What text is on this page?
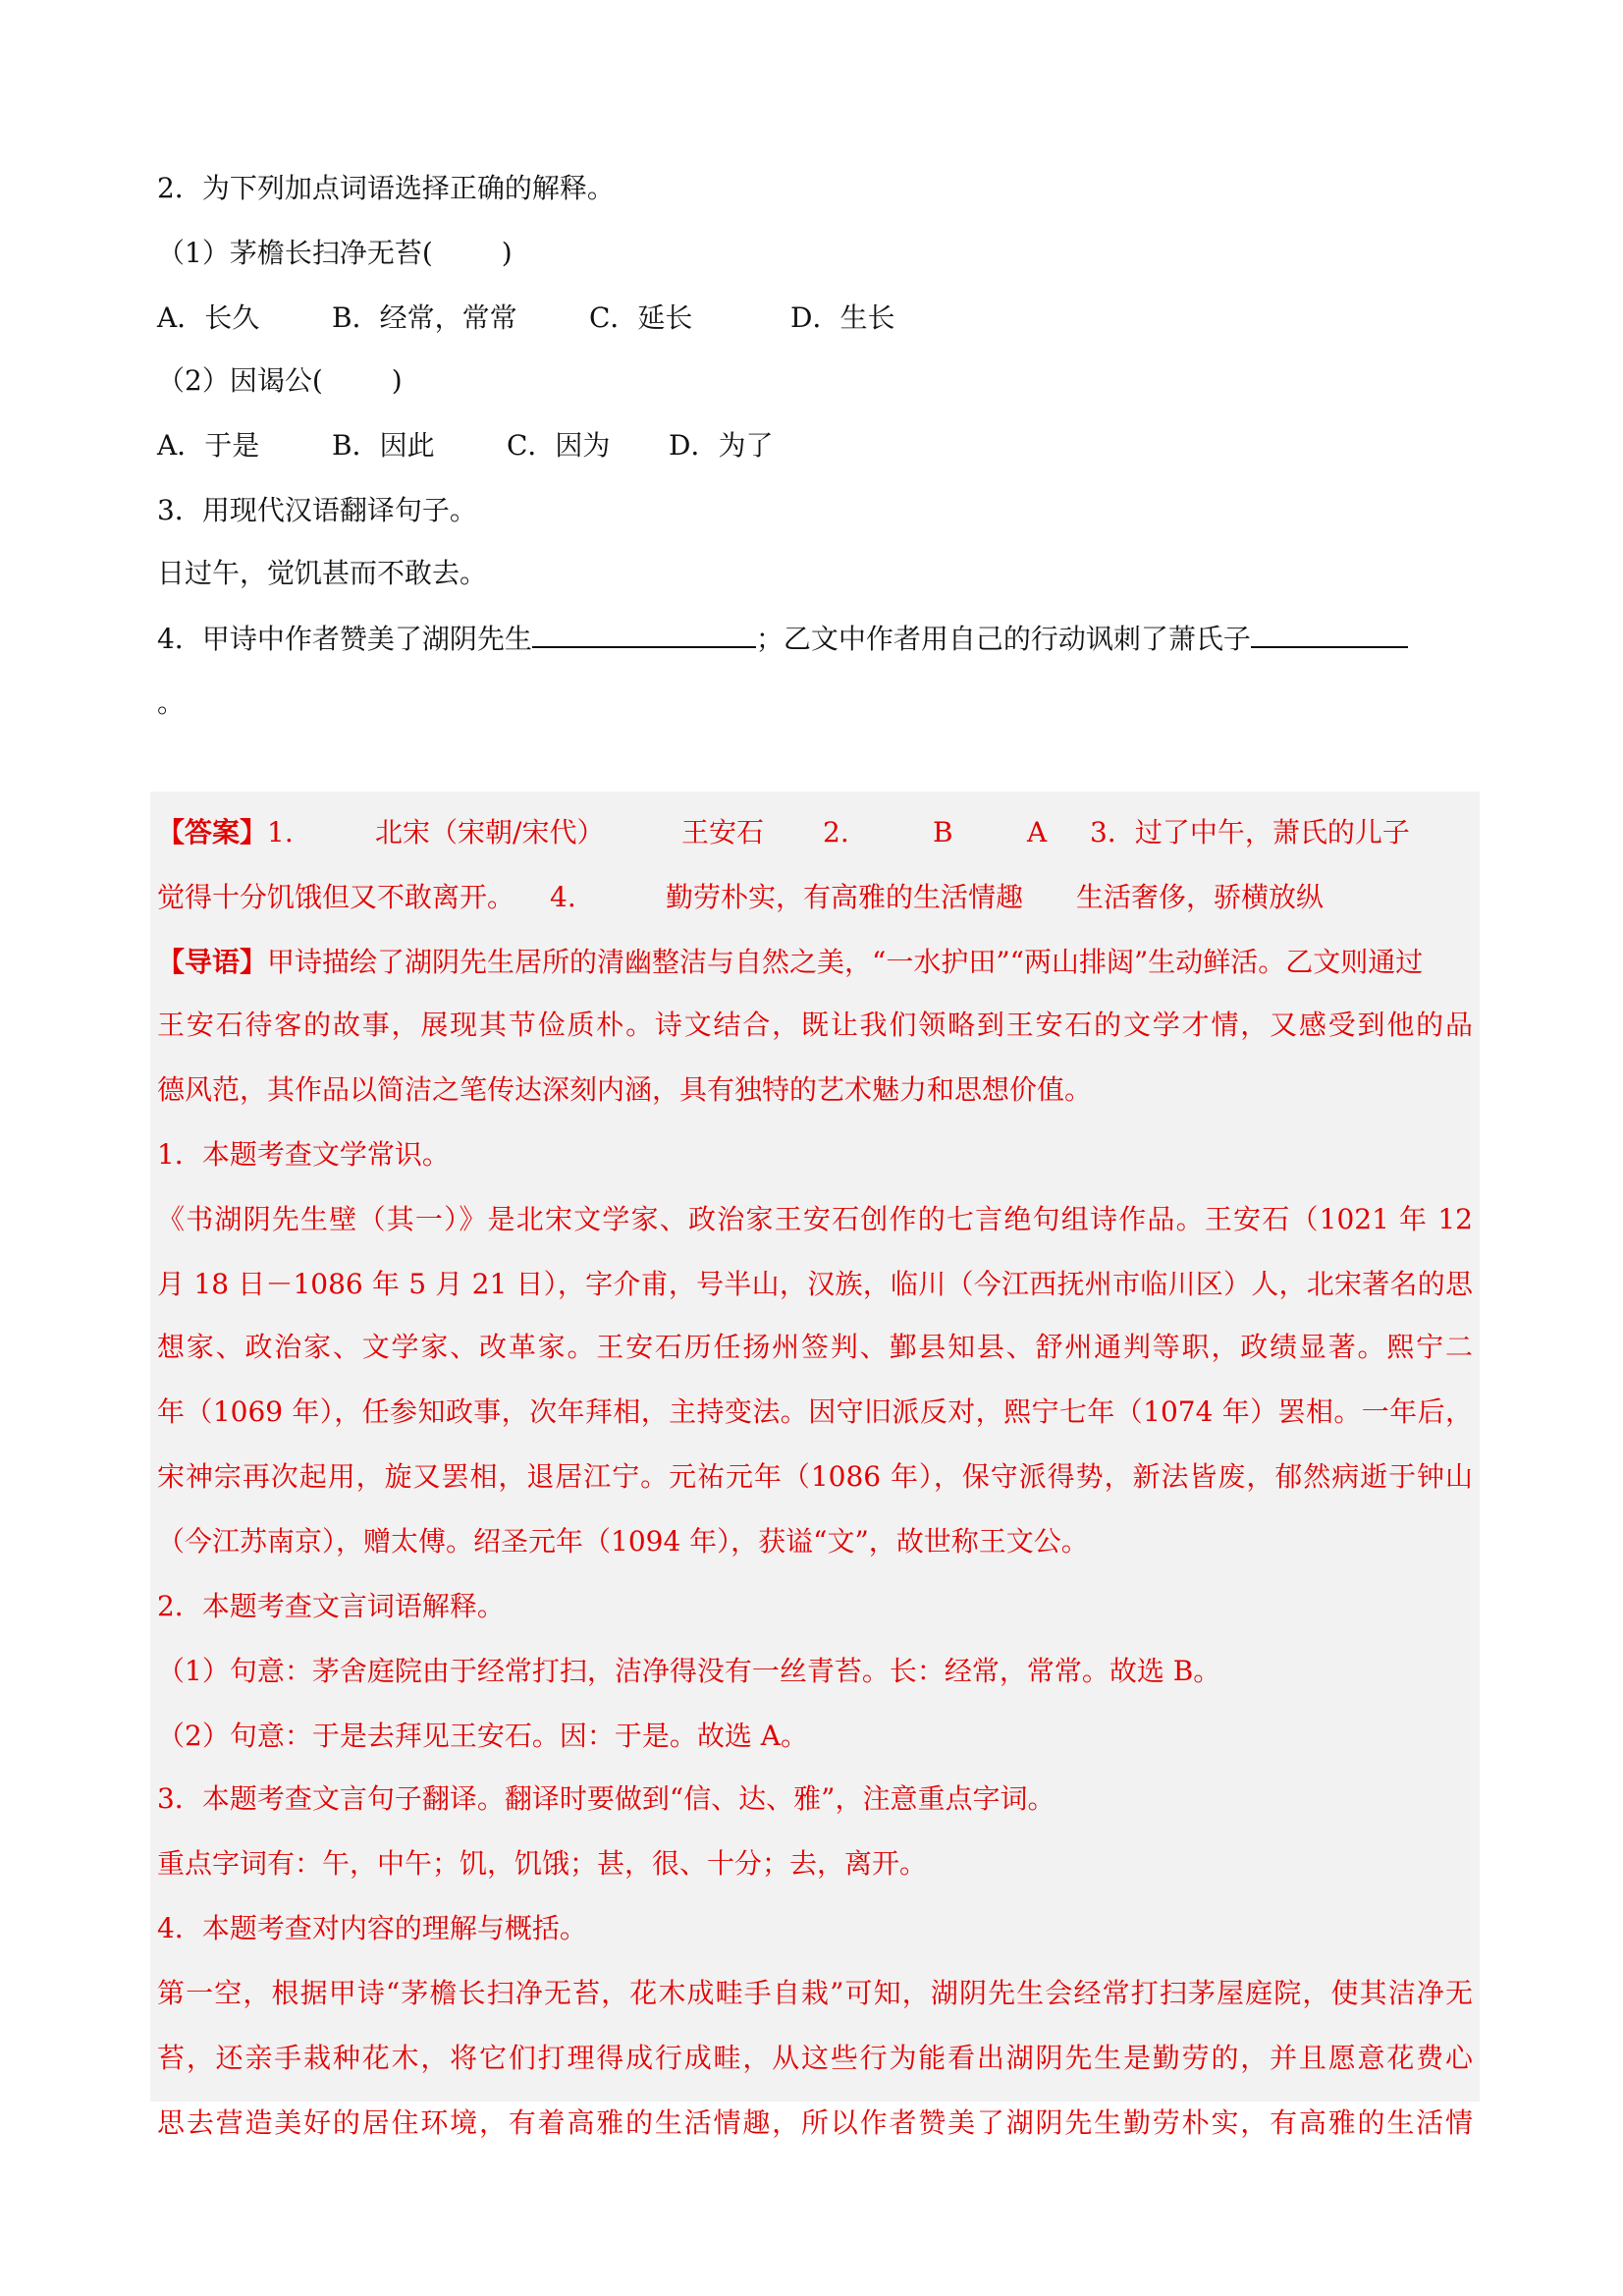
2．为下列加点词语选择正确的解释。
（1）茅檐长扫净无苔(	)
A．长久	B．经常，常常	C．延长	D．生长
（2）因谒公(	)
A．于是	B．因此	C．因为 D．为了
3．用现代汉语翻译句子。
日过午，觉饥甚而不敢去。
4．甲诗中作者赞美了湖阴先生	；乙文中作者用自己的行动讽刺了萧氏子
。
【答案】1.	北宋（宋朝/宋代）	王安石 2.	B	A 3．过了中午，萧氏的儿子
觉得十分饥饿但又不敢离开。 4.	勤劳朴实，有高雅的生活情趣 生活奢侈，骄横放纵
【导语】甲诗描绘了湖阴先生居所的清幽整洁与自然之美，“一水护田”“两山排闼”生动鲜活。乙文则通过
王安石待客的故事，展现其节俭质朴。诗文结合，既让我们领略到王安石的文学才情，又感受到他的品
德风范，其作品以简洁之笔传达深刻内涵，具有独特的艺术魅力和思想价值。
1．本题考查文学常识。
《书湖阴先生壁（其一）》是北宋文学家、政治家王安石创作的七言绝句组诗作品。王安石（1021 年 12
月 18 日－1086 年 5 月 21 日），字介甫，号半山，汉族，临川（今江西抚州市临川区）人，北宋著名的思
想家、政治家、文学家、改革家。王安石历任扬州签判、鄞县知县、舒州通判等职，政绩显著。熙宁二
年（1069 年），任参知政事，次年拜相，主持变法。因守旧派反对，熙宁七年（1074 年）罢相。一年后，
宋神宗再次起用，旋又罢相，退居江宁。元祐元年（1086 年），保守派得势，新法皆废，郁然病逝于钟山
（今江苏南京），赠太傅。绍圣元年（1094 年），获谥“文”，故世称王文公。
2．本题考查文言词语解释。
（1）句意：茅舍庭院由于经常打扫，洁净得没有一丝青苔。长：经常，常常。故选 B。
（2）句意：于是去拜见王安石。因：于是。故选 A。
3．本题考查文言句子翻译。翻译时要做到“信、达、雅”，注意重点字词。
重点字词有：午，中午；饥，饥饿；甚，很、十分；去，离开。
4．本题考查对内容的理解与概括。
第一空，根据甲诗“茅檐长扫净无苔，花木成畦手自栽”可知，湖阴先生会经常打扫茅屋庭院，使其洁净无
苔，还亲手栽种花木，将它们打理得成行成畦，从这些行为能看出湖阴先生是勤劳的，并且愿意花费心
思去营造美好的居住环境，有着高雅的生活情趣，所以作者赞美了湖阴先生勤劳朴实，有高雅的生活情
